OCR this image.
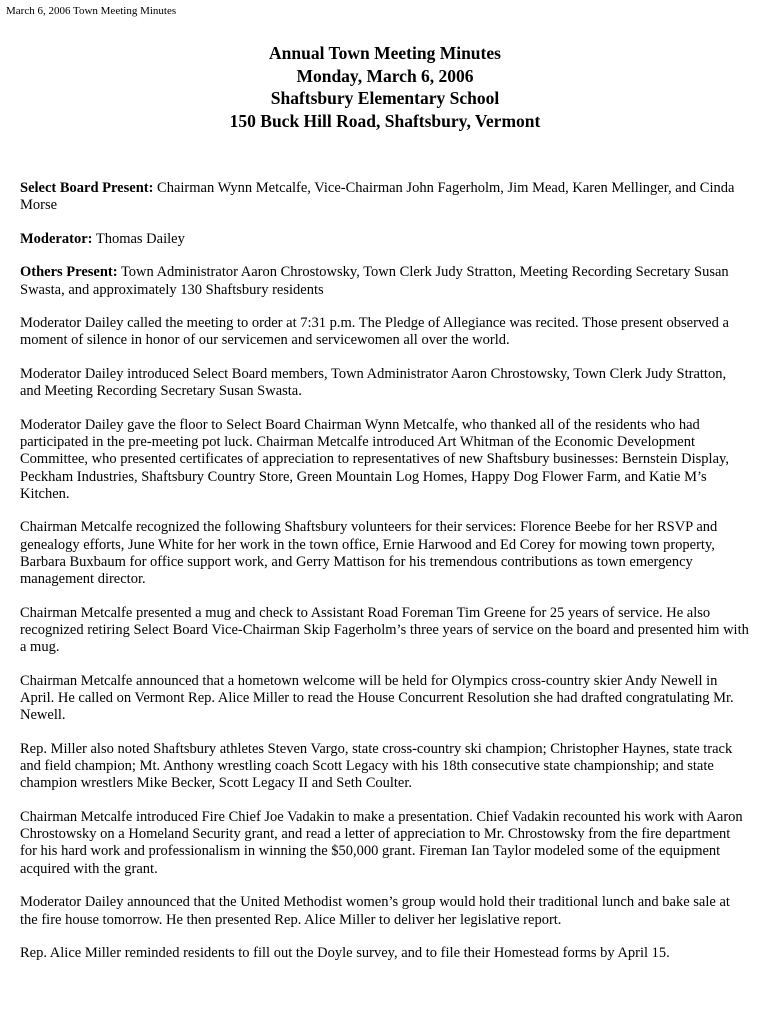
March 6, 2006 Town Meeting Minutes
Annual Town Meeting Minutes
Monday, March 6, 2006
Shaftsbury Elementary School
150 Buck Hill Road, Shaftsbury, Vermont

Select Board Present: Chairman Wynn Metcalfe, Vice-Chairman John Fagerholm, Jim Mead, Karen Mellinger, and Cinda Morse

Moderator: Thomas Dailey

Others Present: Town Administrator Aaron Chrostowsky, Town Clerk Judy Stratton, Meeting Recording Secretary Susan Swasta, and approximately 130 Shaftsbury residents

Moderator Dailey called the meeting to order at 7:31 p.m. The Pledge of Allegiance was recited. Those present observed a moment of silence in honor of our servicemen and servicewomen all over the world.

Moderator Dailey introduced Select Board members, Town Administrator Aaron Chrostowsky, Town Clerk Judy Stratton, and Meeting Recording Secretary Susan Swasta.

Moderator Dailey gave the floor to Select Board Chairman Wynn Metcalfe, who thanked all of the residents who had participated in the pre-meeting pot luck. Chairman Metcalfe introduced Art Whitman of the Economic Development Committee, who presented certificates of appreciation to representatives of new Shaftsbury businesses: Bernstein Display, Peckham Industries, Shaftsbury Country Store, Green Mountain Log Homes, Happy Dog Flower Farm, and Katie M’s Kitchen.

Chairman Metcalfe recognized the following Shaftsbury volunteers for their services: Florence Beebe for her RSVP and genealogy efforts, June White for her work in the town office, Ernie Harwood and Ed Corey for mowing town property, Barbara Buxbaum for office support work, and Gerry Mattison for his tremendous contributions as town emergency management director.

Chairman Metcalfe presented a mug and check to Assistant Road Foreman Tim Greene for 25 years of service. He also recognized retiring Select Board Vice-Chairman Skip Fagerholm’s three years of service on the board and presented him with a mug.

Chairman Metcalfe announced that a hometown welcome will be held for Olympics cross-country skier Andy Newell in April. He called on Vermont Rep. Alice Miller to read the House Concurrent Resolution she had drafted congratulating Mr. Newell.

Rep. Miller also noted Shaftsbury athletes Steven Vargo, state cross-country ski champion; Christopher Haynes, state track and field champion; Mt. Anthony wrestling coach Scott Legacy with his 18th consecutive state championship; and state champion wrestlers Mike Becker, Scott Legacy II and Seth Coulter.

Chairman Metcalfe introduced Fire Chief Joe Vadakin to make a presentation. Chief Vadakin recounted his work with Aaron Chrostowsky on a Homeland Security grant, and read a letter of appreciation to Mr. Chrostowsky from the fire department for his hard work and professionalism in winning the $50,000 grant. Fireman Ian Taylor modeled some of the equipment acquired with the grant.

Moderator Dailey announced that the United Methodist women’s group would hold their traditional lunch and bake sale at the fire house tomorrow. He then presented Rep. Alice Miller to deliver her legislative report.

Rep. Alice Miller reminded residents to fill out the Doyle survey, and to file their Homestead forms by April 15.
